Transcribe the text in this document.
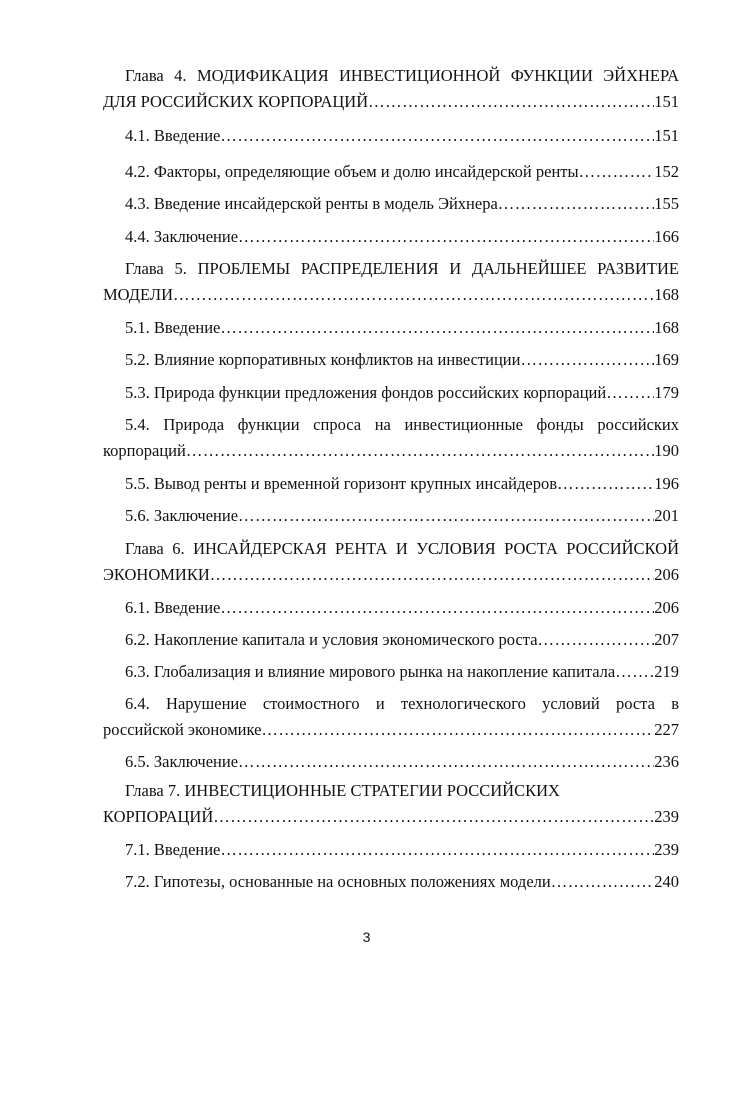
Глава 4. МОДИФИКАЦИЯ ИНВЕСТИЦИОННОЙ ФУНКЦИИ ЭЙХНЕРА
ДЛЯ РОССИЙСКИХ КОРПОРАЦИЙ ………………………………………………………………………………………………………………………………………………………………………………………………	151
4.1. Введение ………………………………………………………………………………………………………………………………………………………………………………………………	151
4.2. Факторы, определяющие объем и долю инсайдерской ренты ………………………………………………………………………………………………………………………………………………………………………………………………	152
4.3. Введение инсайдерской ренты в модель Эйхнера ………………………………………………………………………………………………………………………………………………………………………………………………	155
4.4. Заключение ………………………………………………………………………………………………………………………………………………………………………………………………	166
Глава 5. ПРОБЛЕМЫ РАСПРЕДЕЛЕНИЯ И ДАЛЬНЕЙШЕЕ РАЗВИТИЕ
МОДЕЛИ ………………………………………………………………………………………………………………………………………………………………………………………………	168
5.1. Введение ………………………………………………………………………………………………………………………………………………………………………………………………	168
5.2. Влияние корпоративных конфликтов на инвестиции ………………………………………………………………………………………………………………………………………………………………………………………………	169
5.3. Природа функции предложения фондов российских корпораций ………………………………………………………………………………………………………………………………………………………………………………………………	179
5.4. Природа функции спроса на инвестиционные фонды российских
корпораций ………………………………………………………………………………………………………………………………………………………………………………………………	190
5.5. Вывод ренты и временной горизонт крупных инсайдеров ………………………………………………………………………………………………………………………………………………………………………………………………	196
5.6. Заключение ………………………………………………………………………………………………………………………………………………………………………………………………	201
Глава 6. ИНСАЙДЕРСКАЯ РЕНТА И УСЛОВИЯ РОСТА РОССИЙСКОЙ
ЭКОНОМИКИ ………………………………………………………………………………………………………………………………………………………………………………………………	206
6.1. Введение ………………………………………………………………………………………………………………………………………………………………………………………………	206
6.2. Накопление капитала и условия экономического роста ………………………………………………………………………………………………………………………………………………………………………………………………	207
6.3. Глобализация и влияние мирового рынка на накопление капитала ……………………………………………………………………………………………………………………………………………………………………………………………… 219
6.4. Нарушение стоимостного и технологического условий роста в
российской экономике ………………………………………………………………………………………………………………………………………………………………………………………………	227
6.5. Заключение ………………………………………………………………………………………………………………………………………………………………………………………………	236
Глава 7. ИНВЕСТИЦИОННЫЕ СТРАТЕГИИ РОССИЙСКИХ
КОРПОРАЦИЙ ………………………………………………………………………………………………………………………………………………………………………………………………	239
7.1. Введение ………………………………………………………………………………………………………………………………………………………………………………………………	239
7.2. Гипотезы, основанные на основных положениях модели ………………………………………………………………………………………………………………………………………………………………………………………………	240
3
